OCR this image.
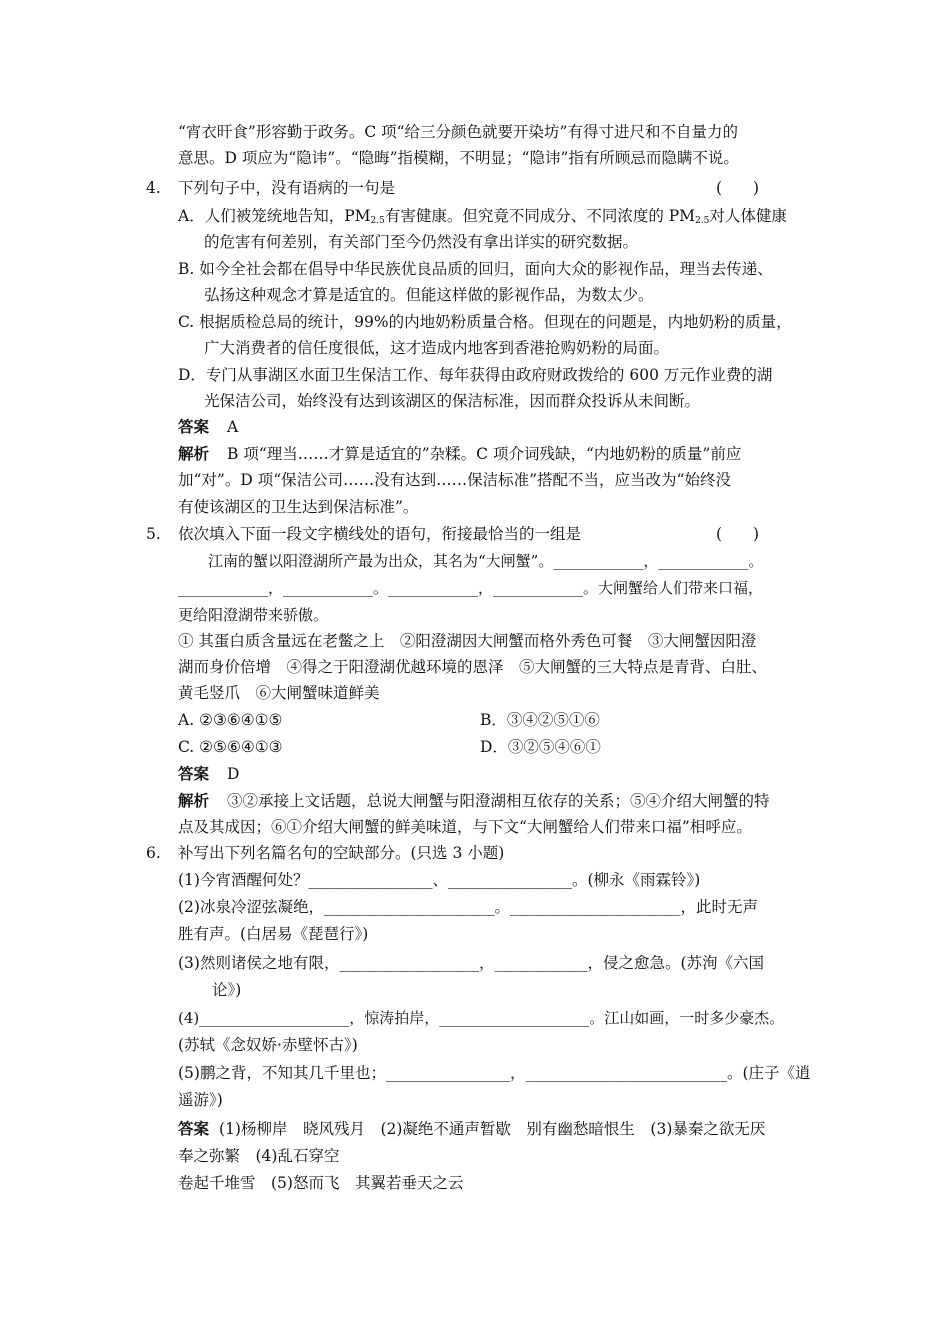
“宵衣旰食”形容勤于政务。C 项“给三分颜色就要开染坊”有得寸进尺和不自量力的
意思。D 项应为“隐讳”。“隐晦”指模糊，不明显；“隐讳”指有所顾忌而隐瞒不说。
4. 下列句子中，没有语病的一句是	(　　)
A．人们被笼统地告知，$PM_{2.5}$有害健康。但究竟不同成分、不同浓度的 $PM_{2.5}$对人体健康
的危害有何差别，有关部门至今仍然没有拿出详实的研究数据。
B. 如今全社会都在倡导中华民族优良品质的回归，面向大众的影视作品，理当去传递、
弘扬这种观念才算是适宜的。但能这样做的影视作品，为数太少。
C. 根据质检总局的统计，99%的内地奶粉质量合格。但现在的问题是，内地奶粉的质量，
广大消费者的信任度很低，这才造成内地客到香港抢购奶粉的局面。
D．专门从事湖区水面卫生保洁工作、每年获得由政府财政拨给的 600 万元作业费的湖
光保洁公司，始终没有达到该湖区的保洁标准，因而群众投诉从未间断。
答案 A
解析 B 项“理当……才算是适宜的”杂糅。C 项介词残缺，“内地奶粉的质量”前应
加“对”。D 项“保洁公司……没有达到……保洁标准”搭配不当，应当改为“始终没
有使该湖区的卫生达到保洁标准”。
5. 依次填入下面一段文字横线处的语句，衔接最恰当的一组是	(　　)
江南的蟹以阳澄湖所产最为出众，其名为“大闸蟹”。____________，____________。
____________，____________。____________，____________。大闸蟹给人们带来口福，
更给阳澄湖带来骄傲。
① 其蛋白质含量远在老鳖之上　②阳澄湖因大闸蟹而格外秀色可餐　③大闸蟹因阳澄
湖而身价倍增　④得之于阳澄湖优越环境的恩泽　⑤大闸蟹的三大特点是青背、白肚、
黄毛竖爪　⑥大闸蟹味道鲜美
A. ②③⑥④①⑤	B．③④②⑤①⑥
C. ②⑤⑥④①③	D．③②⑤④⑥①
答案 D
解析 ③②承接上文话题，总说大闸蟹与阳澄湖相互依存的关系；⑤④介绍大闸蟹的特
点及其成因；⑥①介绍大闸蟹的鲜美味道，与下文“大闸蟹给人们带来口福”相呼应。
6. 补写出下列名篇名句的空缺部分。(只选 3 小题)
(1)今宵酒醒何处？________________、________________。(柳永《雨霖铃》)
(2)冰泉冷涩弦凝绝，______________________。______________________，此时无声
胜有声。(白居易《琵琶行》)
(3)然则诸侯之地有限，__________________，____________，侵之愈急。(苏洵《六国
论》)
(4)____________________，惊涛拍岸，____________________。江山如画，一时多少豪杰。
(苏轼《念奴娇·赤壁怀古》)
(5)鹏之背，不知其几千里也；________________，__________________________。(庄子《逍
遥游》)
答案 (1)杨柳岸　晓风残月　(2)凝绝不通声暂歇　别有幽愁暗恨生　(3)暴秦之欲无厌
奉之弥繁　(4)乱石穿空
卷起千堆雪　(5)怒而飞　其翼若垂天之云
